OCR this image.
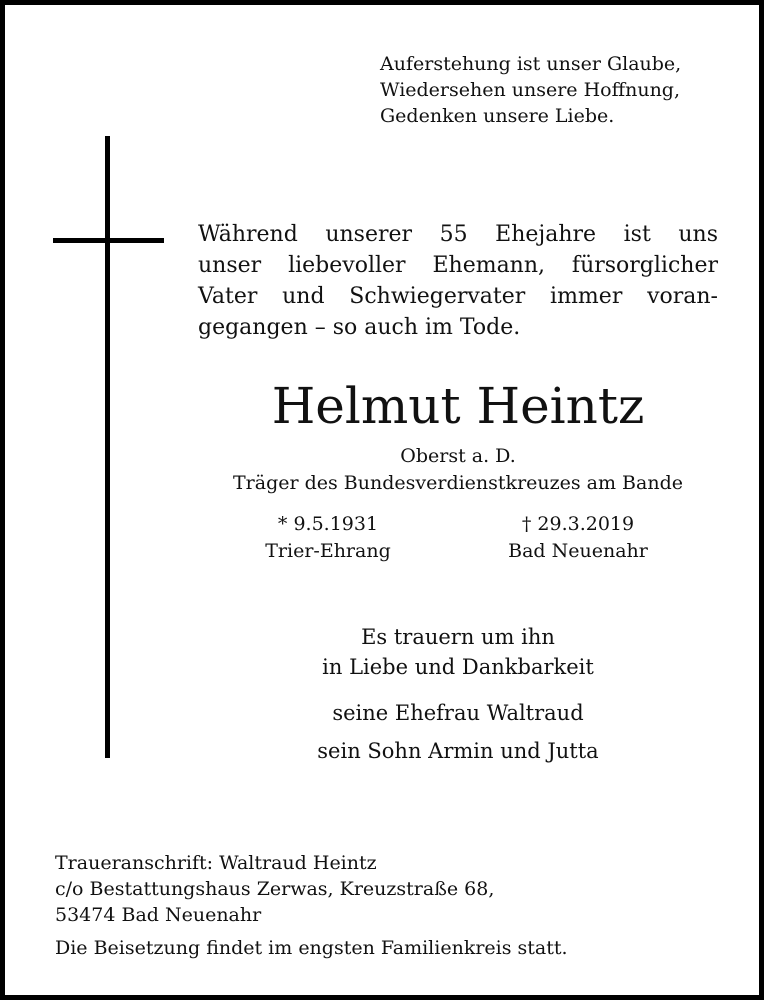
Auferstehung ist unser Glaube,
Wiedersehen unsere Hoffnung,
Gedenken unsere Liebe.
Während unserer 55 Ehejahre ist uns
unser liebevoller Ehemann, fürsorglicher
Vater und Schwiegervater immer voran-
gegangen – so auch im Tode.
Helmut Heintz
Oberst a. D.
Träger des Bundesverdienstkreuzes am Bande
* 9.5.1931
Trier-Ehrang
† 29.3.2019
Bad Neuenahr
Es trauern um ihn
in Liebe und Dankbarkeit
seine Ehefrau Waltraud
sein Sohn Armin und Jutta
Traueranschrift: Waltraud Heintz
c/o Bestattungshaus Zerwas, Kreuzstraße 68,
53474 Bad Neuenahr
Die Beisetzung findet im engsten Familienkreis statt.
